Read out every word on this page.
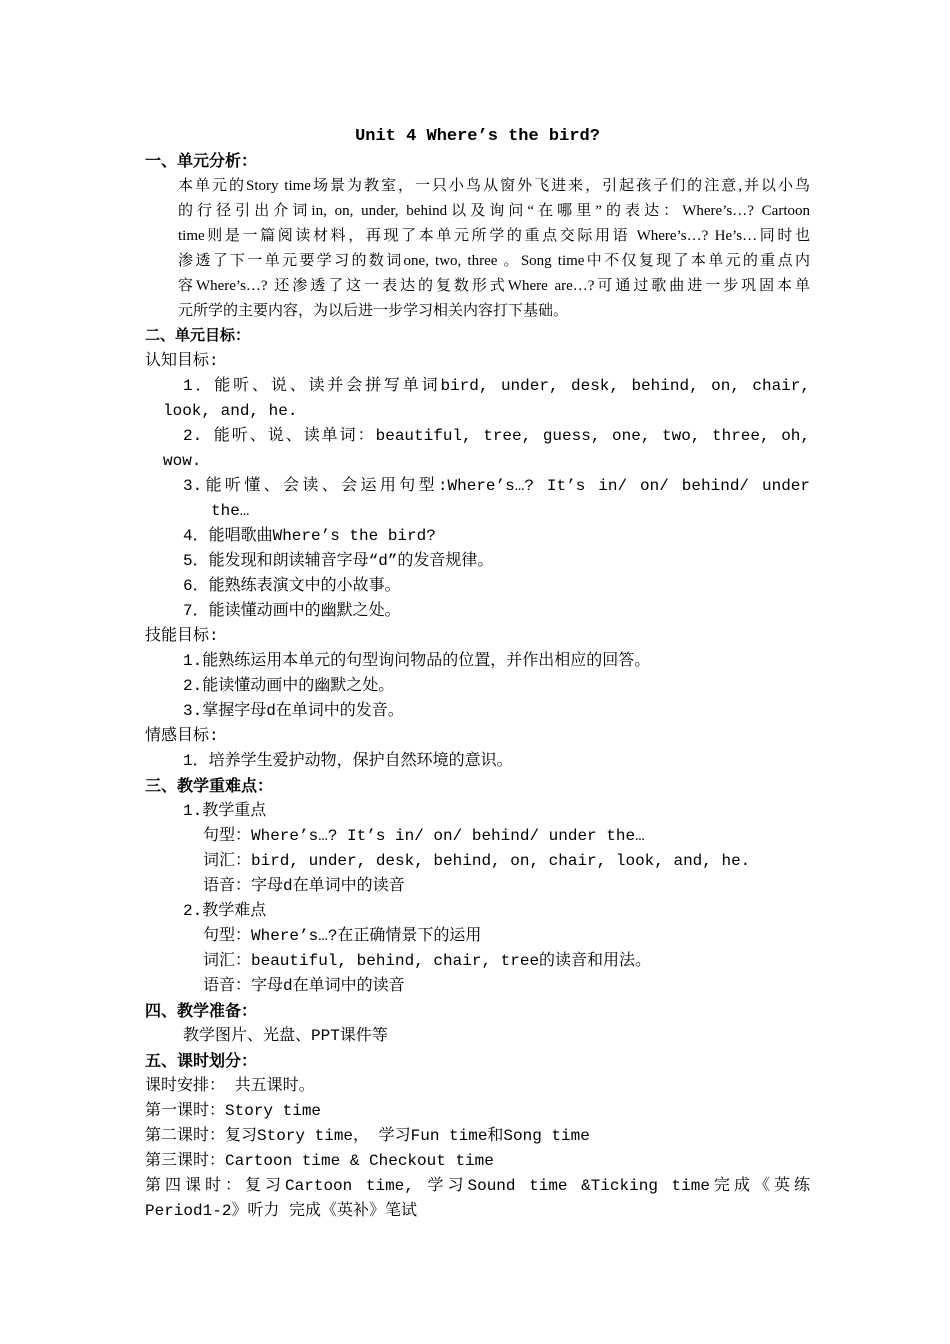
Unit 4 Where’s the bird?
一、单元分析：
本单元的Story time场景为教室，一只小鸟从窗外飞进来，引起孩子们的注意,并以小鸟
的行径引出介词in, on, under, behind以及询问“在哪里”的表达：Where’s…? Cartoon
time则是一篇阅读材料，再现了本单元所学的重点交际用语 Where’s…? He’s…同时也
渗透了下一单元要学习的数词one, two, three 。Song time中不仅复现了本单元的重点内
容Where’s…? 还渗透了这一表达的复数形式Where are…?可通过歌曲进一步巩固本单
元所学的主要内容，为以后进一步学习相关内容打下基础。
二、单元目标：
认知目标:
1．能听、说、读并会拼写单词bird, under, desk, behind, on, chair,
look, and, he.
2. 能听、说、读单词：beautiful, tree, guess, one, two, three, oh,
wow.
3.能听懂、会读、会运用句型:Where’s…? It’s in/ on/ behind/ under
the…
4．能唱歌曲Where’s the bird?
5．能发现和朗读辅音字母“d”的发音规律。
6．能熟练表演文中的小故事。
7．能读懂动画中的幽默之处。
技能目标:
1.能熟练运用本单元的句型询问物品的位置，并作出相应的回答。
2.能读懂动画中的幽默之处。
3.掌握字母d在单词中的发音。
情感目标:
1．培养学生爱护动物，保护自然环境的意识。
三、教学重难点：
1.教学重点
句型：Where’s…? It’s in/ on/ behind/ under the…
词汇：bird, under, desk, behind, on, chair, look, and, he.
语音：字母d在单词中的读音
2.教学难点
句型：Where’s…?在正确情景下的运用
词汇：beautiful, behind, chair, tree的读音和用法。
语音：字母d在单词中的读音
四、教学准备：
教学图片、光盘、PPT课件等
五、课时划分：
课时安排： 共五课时。
第一课时：Story time
第二课时：复习Story time， 学习Fun time和Song time
第三课时：Cartoon time & Checkout time
第四课时：复习Cartoon time, 学习Sound time &Ticking time完成《英练
Period1-2》听力 完成《英补》笔试
